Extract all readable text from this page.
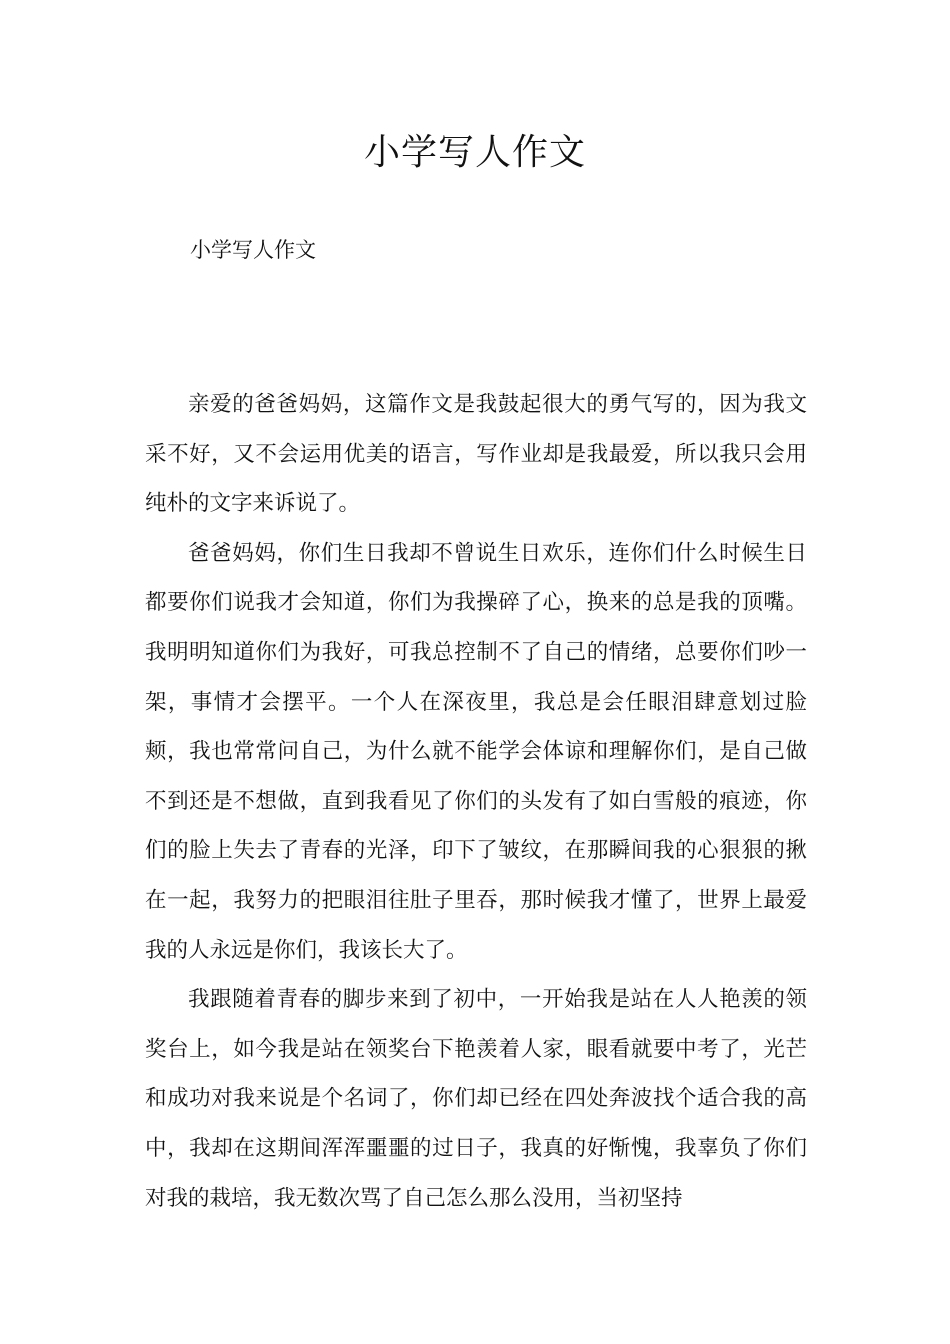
小学写人作文

小学写人作文

亲爱的爸爸妈妈，这篇作文是我鼓起很大的勇气写的，因为我文采不好，又不会运用优美的语言，写作业却是我最爱，所以我只会用纯朴的文字来诉说了。

爸爸妈妈，你们生日我却不曾说生日欢乐，连你们什么时候生日都要你们说我才会知道，你们为我操碎了心，换来的总是我的顶嘴。我明明知道你们为我好，可我总控制不了自己的情绪，总要你们吵一架，事情才会摆平。一个人在深夜里，我总是会任眼泪肆意划过脸颊，我也常常问自己，为什么就不能学会体谅和理解你们，是自己做不到还是不想做，直到我看见了你们的头发有了如白雪般的痕迹，你们的脸上失去了青春的光泽，印下了皱纹，在那瞬间我的心狠狠的揪在一起，我努力的把眼泪往肚子里吞，那时候我才懂了，世界上最爱我的人永远是你们，我该长大了。

我跟随着青春的脚步来到了初中，一开始我是站在人人艳羡的领奖台上，如今我是站在领奖台下艳羡着人家，眼看就要中考了，光芒和成功对我来说是个名词了，你们却已经在四处奔波找个适合我的高中，我却在这期间浑浑噩噩的过日子，我真的好惭愧，我辜负了你们对我的栽培，我无数次骂了自己怎么那么没用，当初坚持
